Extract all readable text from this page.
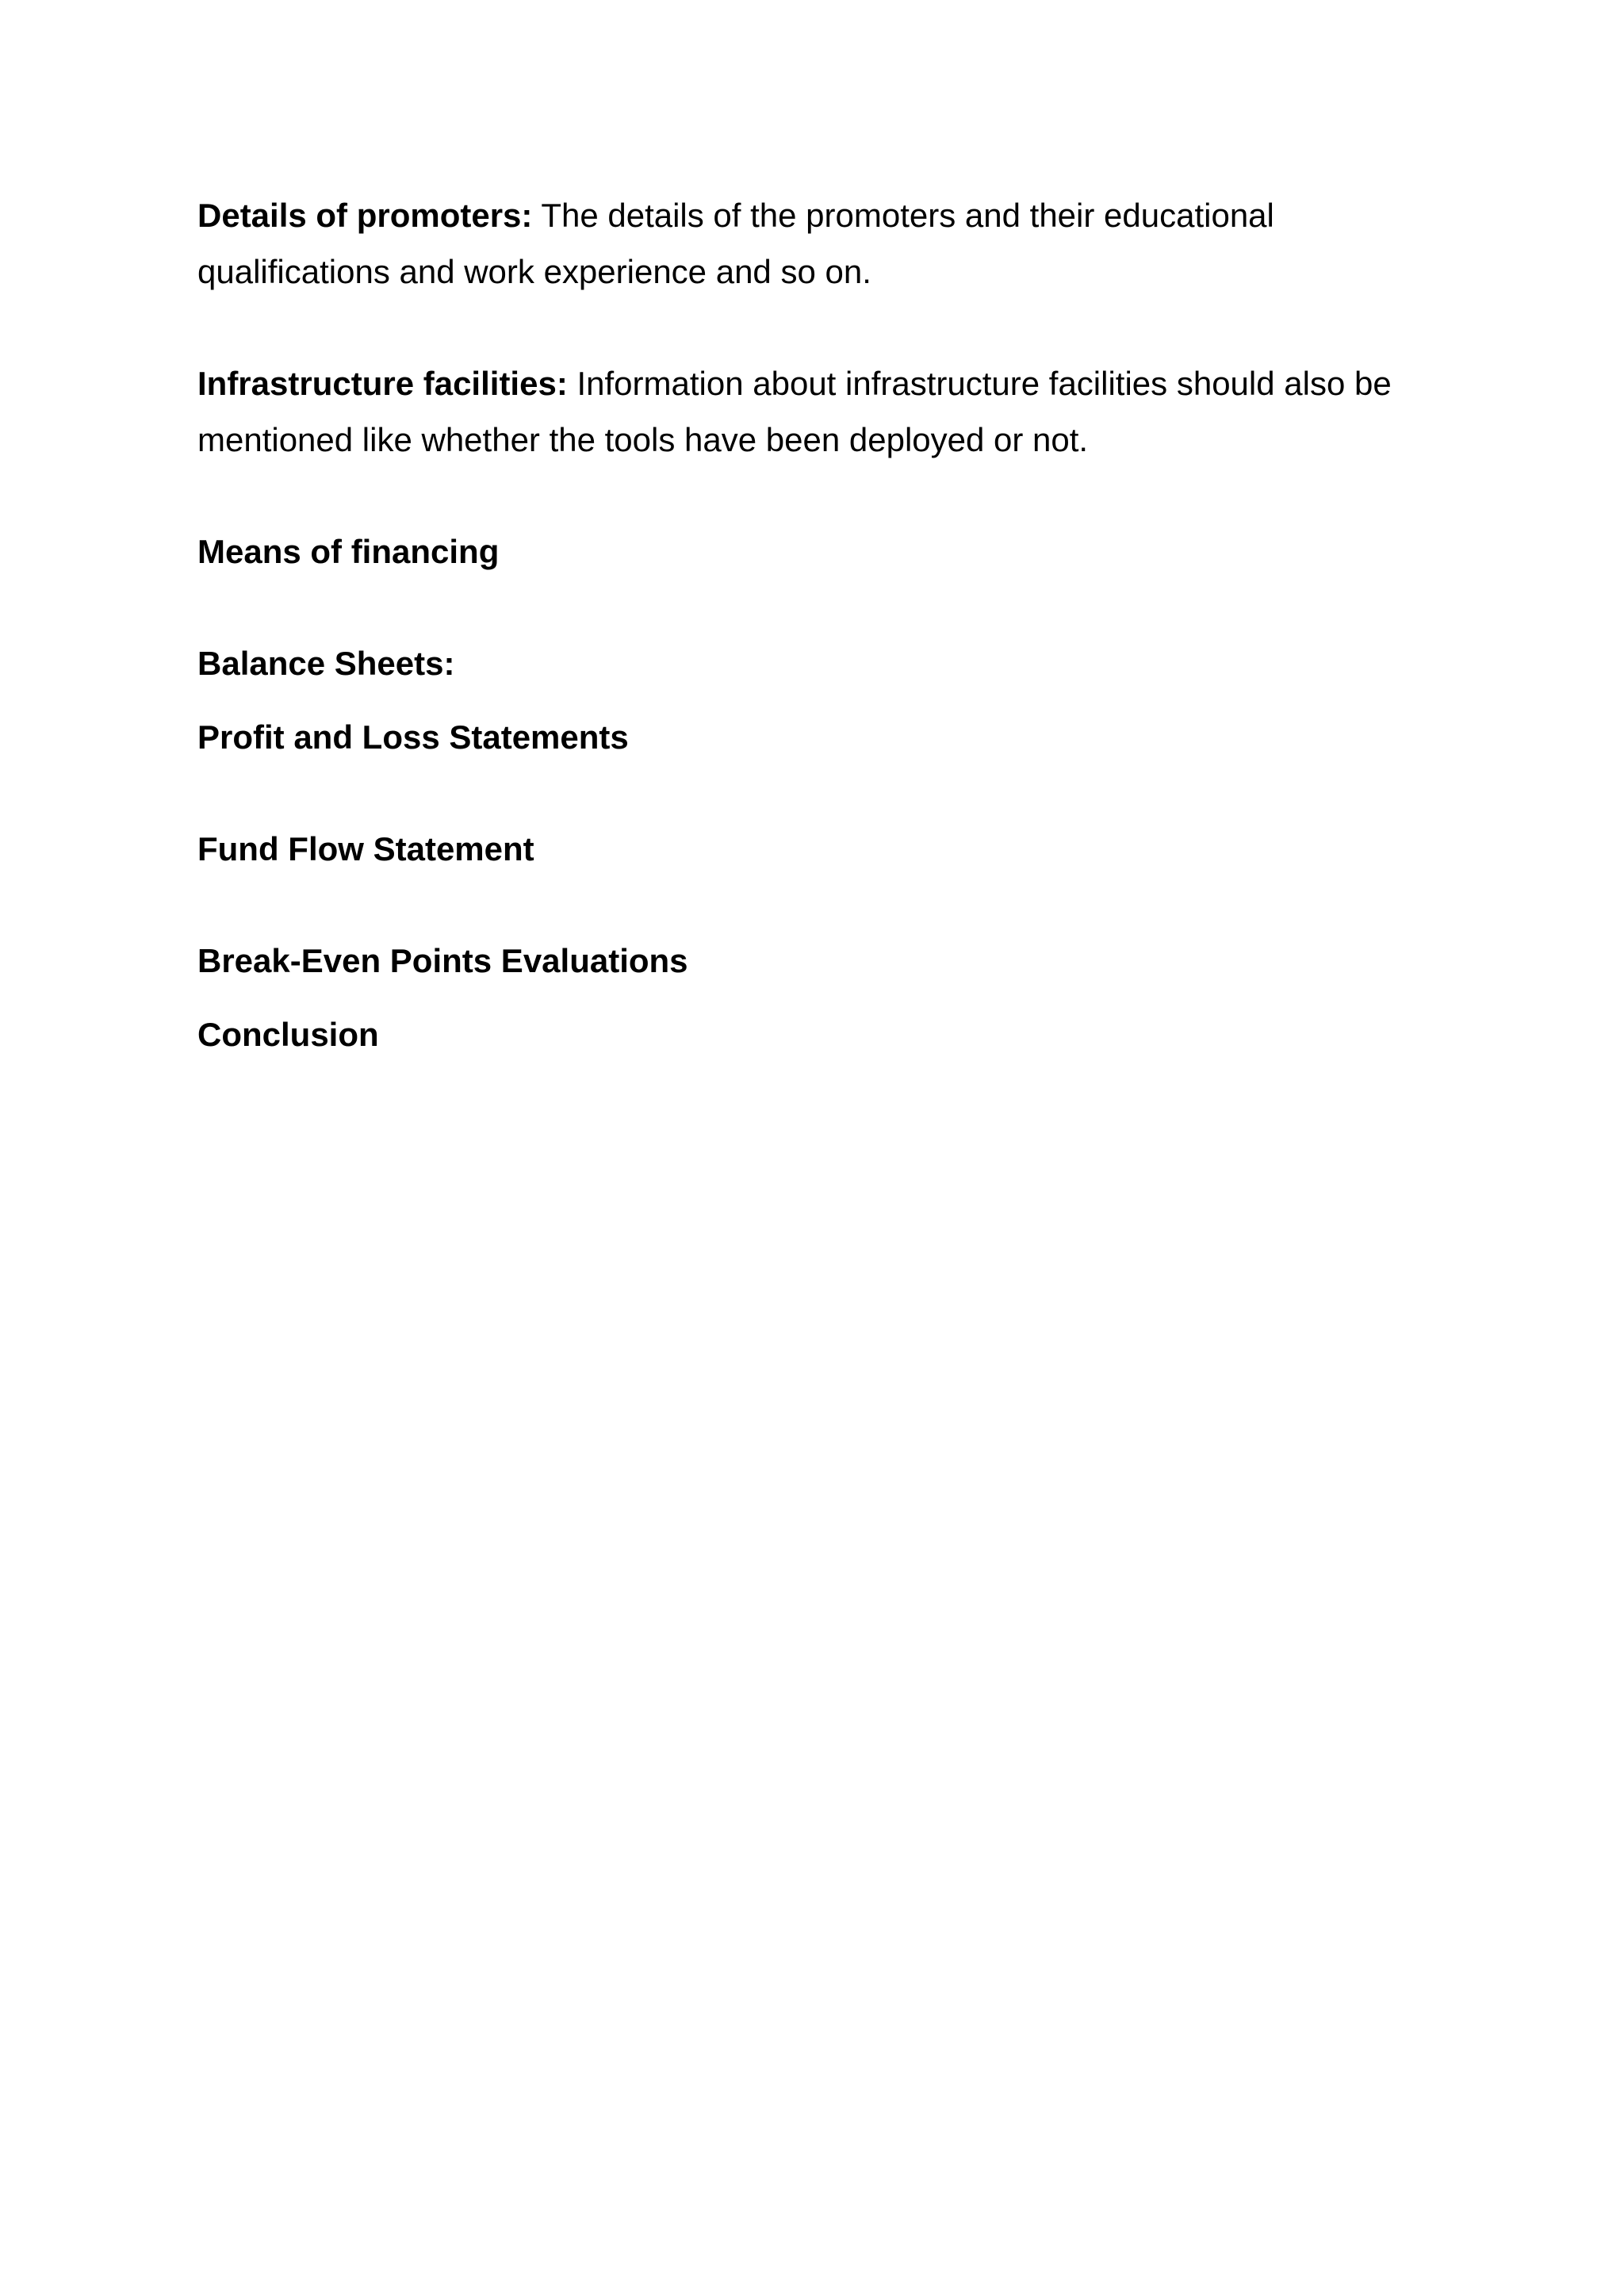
Details of promoters: The details of the promoters and their educational qualifications and work experience and so on.

Infrastructure facilities: Information about infrastructure facilities should also be mentioned like whether the tools have been deployed or not.

Means of financing

Balance Sheets:

Profit and Loss Statements

Fund Flow Statement

Break-Even Points Evaluations

Conclusion
